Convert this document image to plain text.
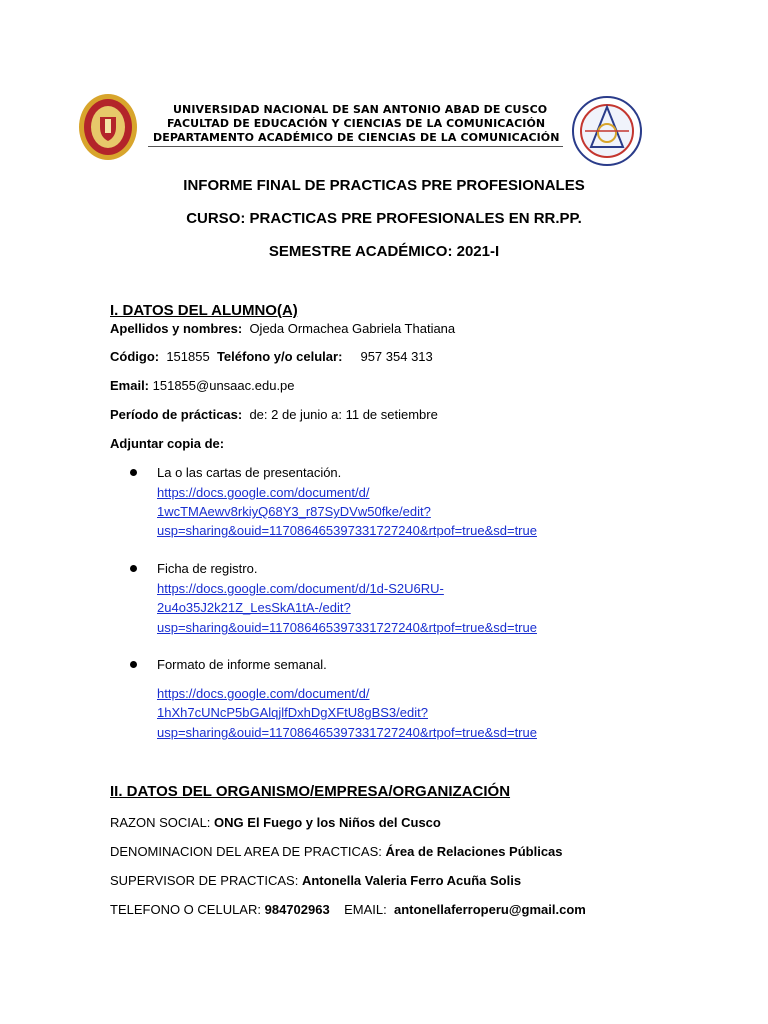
UNIVERSIDAD NACIONAL DE SAN ANTONIO ABAD DE CUSCO
FACULTAD DE EDUCACIÓN Y CIENCIAS DE LA COMUNICACIÓN
DEPARTAMENTO ACADÉMICO DE CIENCIAS DE LA COMUNICACIÓN
INFORME FINAL DE PRACTICAS PRE PROFESIONALES
CURSO: PRACTICAS PRE PROFESIONALES EN RR.PP.
SEMESTRE ACADÉMICO: 2021-I
I. DATOS DEL ALUMNO(A)
Apellidos y nombres: Ojeda Ormachea Gabriela Thatiana
Código: 151855 Teléfono y/o celular: 957 354 313
Email: 151855@unsaac.edu.pe
Período de prácticas: de: 2 de junio a: 11 de setiembre
Adjuntar copia de:
La o las cartas de presentación.
https://docs.google.com/document/d/
1wcTMAewv8rkiyQ68Y3_r87SyDVw50fke/edit?
usp=sharing&ouid=117086465397331727240&rtpof=true&sd=true
Ficha de registro.
https://docs.google.com/document/d/1d-S2U6RU-
2u4o35J2k21Z_LesSkA1tA-/edit?
usp=sharing&ouid=117086465397331727240&rtpof=true&sd=true
Formato de informe semanal.
https://docs.google.com/document/d/
1hXh7cUNcP5bGAlqjlfDxhDgXFtU8gBS3/edit?
usp=sharing&ouid=117086465397331727240&rtpof=true&sd=true
II. DATOS DEL ORGANISMO/EMPRESA/ORGANIZACIÓN
RAZON SOCIAL: ONG El Fuego y los Niños del Cusco
DENOMINACION DEL AREA DE PRACTICAS: Área de Relaciones Públicas
SUPERVISOR DE PRACTICAS: Antonella Valeria Ferro Acuña Solis
TELEFONO O CELULAR: 984702963 EMAIL: antonellaferroperu@gmail.com
